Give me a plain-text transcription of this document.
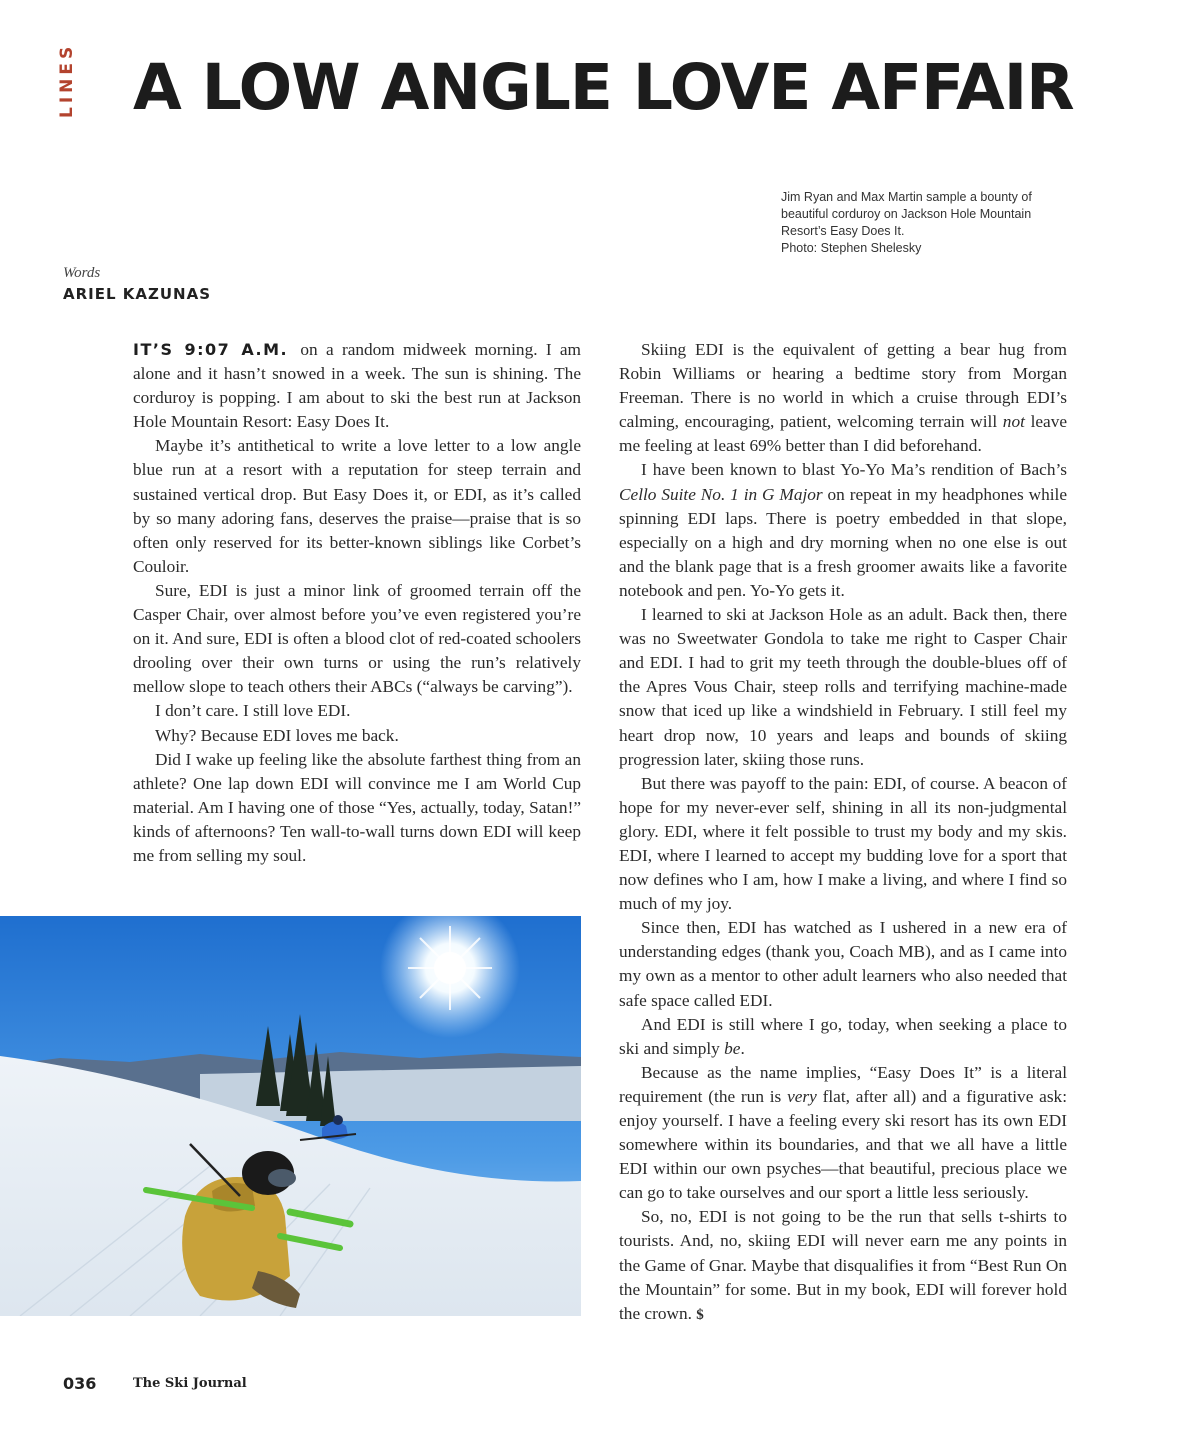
LINES A LOW ANGLE LOVE AFFAIR
Jim Ryan and Max Martin sample a bounty of
beautiful corduroy on Jackson Hole Mountain
Resort’s Easy Does It.
Photo: Stephen Shelesky
Words
ARIEL KAZUNAS

IT’S 9:07 A.M. on a random midweek morning. I am alone and it hasn’t snowed in a week. The sun is shining. The corduroy is popping. I am about to ski the best run at Jackson Hole Mountain Resort: Easy Does It.

Maybe it’s antithetical to write a love letter to a low angle blue run at a resort with a reputation for steep terrain and sustained vertical drop. But Easy Does it, or EDI, as it’s called by so many adoring fans, deserves the praise—praise that is so often only reserved for its better-known siblings like Corbet’s Couloir.

Sure, EDI is just a minor link of groomed terrain off the Casper Chair, over almost before you’ve even registered you’re on it. And sure, EDI is often a blood clot of red-coated schoolers drooling over their own turns or using the run’s relatively mellow slope to teach others their ABCs (“always be carving”).

I don’t care. I still love EDI.

Why? Because EDI loves me back.

Did I wake up feeling like the absolute farthest thing from an athlete? One lap down EDI will convince me I am World Cup material. Am I having one of those “Yes, actually, today, Satan!” kinds of afternoons? Ten wall-to-wall turns down EDI will keep me from selling my soul.

Skiing EDI is the equivalent of getting a bear hug from Robin Williams or hearing a bedtime story from Morgan Freeman. There is no world in which a cruise through EDI’s calming, encouraging, patient, welcoming terrain will not leave me feeling at least 69% better than I did beforehand.

I have been known to blast Yo-Yo Ma’s rendition of Bach’s Cello Suite No. 1 in G Major on repeat in my headphones while spinning EDI laps. There is poetry embedded in that slope, especially on a high and dry morning when no one else is out and the blank page that is a fresh groomer awaits like a favorite notebook and pen. Yo-Yo gets it.

I learned to ski at Jackson Hole as an adult. Back then, there was no Sweetwater Gondola to take me right to Casper Chair and EDI. I had to grit my teeth through the double-blues off of the Apres Vous Chair, steep rolls and terrifying machine-made snow that iced up like a windshield in February. I still feel my heart drop now, 10 years and leaps and bounds of skiing progression later, skiing those runs.

But there was payoff to the pain: EDI, of course. A beacon of hope for my never-ever self, shining in all its non-judgmental glory. EDI, where it felt possible to trust my body and my skis. EDI, where I learned to accept my budding love for a sport that now defines who I am, how I make a living, and where I find so much of my joy.

Since then, EDI has watched as I ushered in a new era of understanding edges (thank you, Coach MB), and as I came into my own as a mentor to other adult learners who also needed that safe space called EDI.

And EDI is still where I go, today, when seeking a place to ski and simply be.

Because as the name implies, “Easy Does It” is a literal requirement (the run is very flat, after all) and a figurative ask: enjoy yourself. I have a feeling every ski resort has its own EDI somewhere within its boundaries, and that we all have a little EDI within our own psyches—that beautiful, precious place we can go to take ourselves and our sport a little less seriously.

So, no, EDI is not going to be the run that sells t-shirts to tourists. And, no, skiing EDI will never earn me any points in the Game of Gnar. Maybe that disqualifies it from “Best Run On the Mountain” for some. But in my book, EDI will forever hold the crown. $

036	The Ski Journal
